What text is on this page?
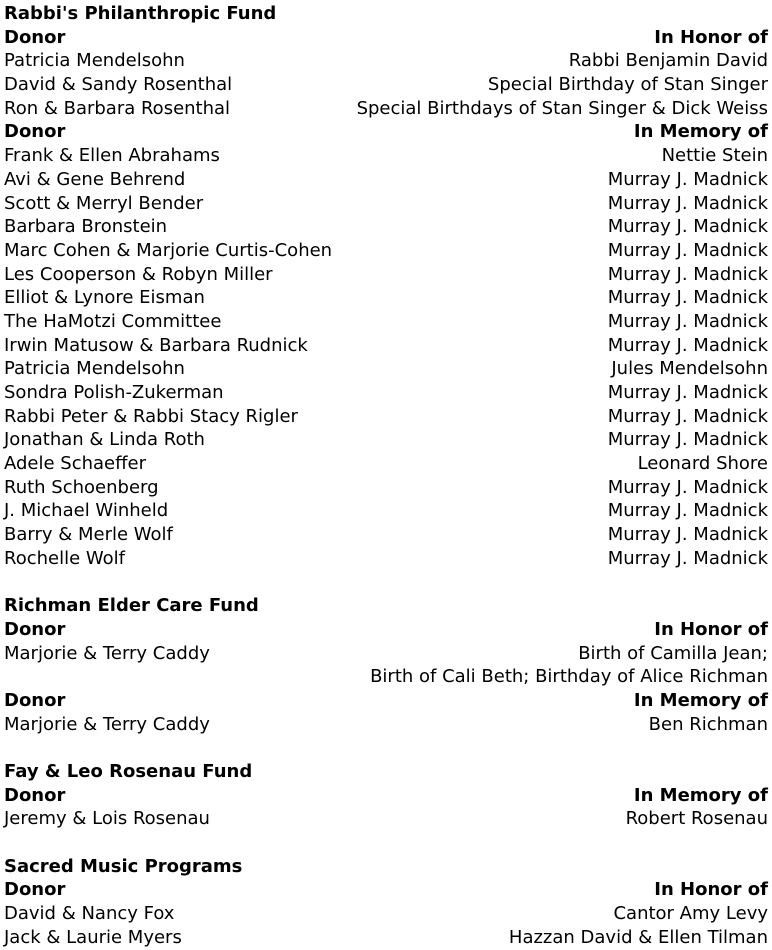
Rabbi's Philanthropic Fund
Donor	In Honor of
Patricia Mendelsohn	Rabbi Benjamin David
David & Sandy Rosenthal	Special Birthday of Stan Singer
Ron & Barbara Rosenthal	Special Birthdays of Stan Singer & Dick Weiss
Donor	In Memory of
Frank & Ellen Abrahams	Nettie Stein
Avi & Gene Behrend	Murray J. Madnick
Scott & Merryl Bender	Murray J. Madnick
Barbara Bronstein	Murray J. Madnick
Marc Cohen & Marjorie Curtis-Cohen	Murray J. Madnick
Les Cooperson & Robyn Miller	Murray J. Madnick
Elliot & Lynore Eisman	Murray J. Madnick
The HaMotzi Committee	Murray J. Madnick
Irwin Matusow & Barbara Rudnick	Murray J. Madnick
Patricia Mendelsohn	Jules Mendelsohn
Sondra Polish-Zukerman	Murray J. Madnick
Rabbi Peter & Rabbi Stacy Rigler	Murray J. Madnick
Jonathan & Linda Roth	Murray J. Madnick
Adele Schaeffer	Leonard Shore
Ruth Schoenberg	Murray J. Madnick
J. Michael Winheld	Murray J. Madnick
Barry & Merle Wolf	Murray J. Madnick
Rochelle Wolf	Murray J. Madnick
Richman Elder Care Fund
Donor	In Honor of
Marjorie & Terry Caddy	Birth of Camilla Jean;
Birth of Cali Beth; Birthday of Alice Richman
Donor	In Memory of
Marjorie & Terry Caddy	Ben Richman
Fay & Leo Rosenau Fund
Donor	In Memory of
Jeremy & Lois Rosenau	Robert Rosenau
Sacred Music Programs
Donor	In Honor of
David & Nancy Fox	Cantor Amy Levy
Jack & Laurie Myers	Hazzan David & Ellen Tilman
